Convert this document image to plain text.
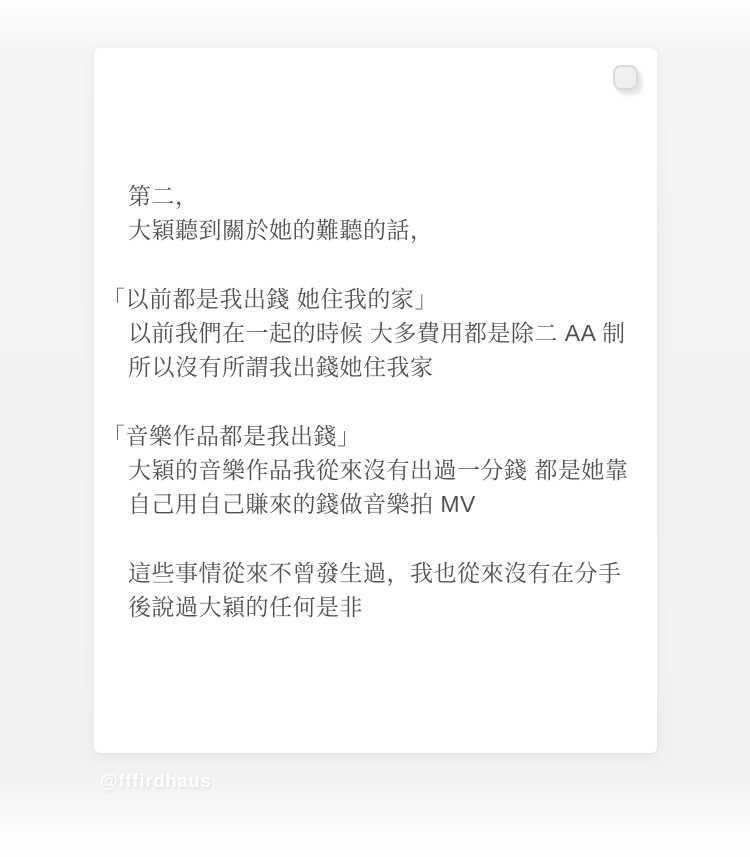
第二，
大穎聽到關於她的難聽的話，
「以前都是我出錢 她住我的家」
以前我們在一起的時候 大多費用都是除二 AA 制
所以沒有所謂我出錢她住我家
「音樂作品都是我出錢」
大穎的音樂作品我從來沒有出過一分錢 都是她靠
自己用自己賺來的錢做音樂拍 MV
這些事情從來不曾發生過，我也從來沒有在分手
後說過大穎的任何是非
@fffirdhaus
